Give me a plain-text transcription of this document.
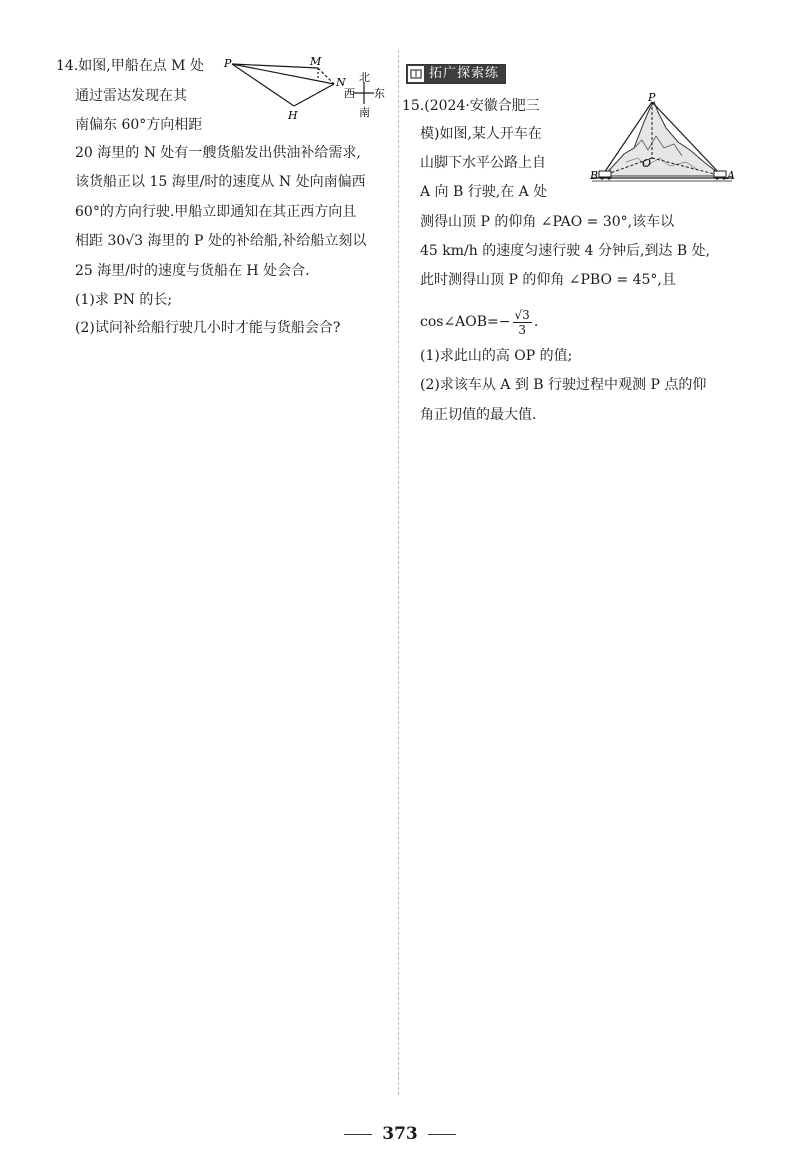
14.如图,甲船在点 M 处
通过雷达发现在其
南偏东 60°方向相距
20 海里的 N 处有一艘货船发出供油补给需求,
该货船正以 15 海里/时的速度从 N 处向南偏西
60°的方向行驶.甲船立即通知在其正西方向且
相距 30√3 海里的 P 处的补给船,补给船立刻以
25 海里/时的速度与货船在 H 处会合.
(1)求 PN 的长;
(2)试问补给船行驶几小时才能与货船会合?
P	M
N
H
北
西 东
南
拓广探索练
15.(2024·安徽合肥三
模)如图,某人开车在
山脚下水平公路上自
A 向 B 行驶,在 A 处
测得山顶 P 的仰角 ∠PAO = 30°,该车以
45 km/h 的速度匀速行驶 4 分钟后,到达 B 处,
此时测得山顶 P 的仰角 ∠PBO = 45°,且
cos∠AOB=− $\frac{√3}{3}$ .
(1)求此山的高 OP 的值;
(2)求该车从 A 到 B 行驶过程中观测 P 点的仰
角正切值的最大值.
P
O
B	A
373
